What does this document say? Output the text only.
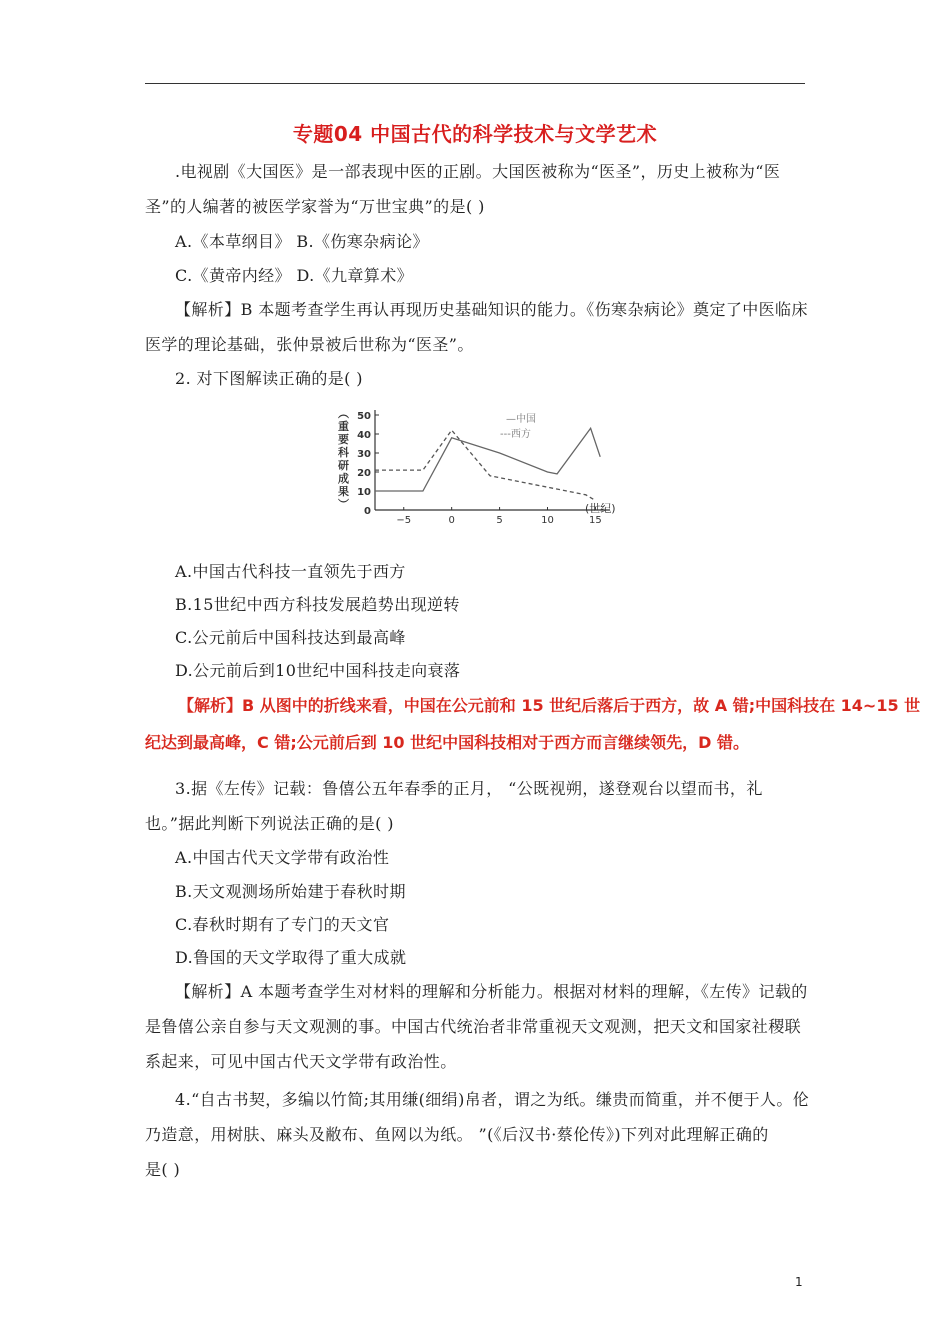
专题04 中国古代的科学技术与文学艺术
.电视剧《大国医》是一部表现中医的正剧。大国医被称为“医圣”，历史上被称为“医
圣”的人编著的被医学家誉为“万世宝典”的是( )
A.《本草纲目》 B.《伤寒杂病论》
C.《黄帝内经》 D.《九章算术》
【解析】B 本题考查学生再认再现历史基础知识的能力。《伤寒杂病论》奠定了中医临床
医学的理论基础，张仲景被后世称为“医圣”。
2. 对下图解读正确的是( )
0
10
20
30
40
50
−5	0	5	10	15
︵重要科研成果︶	(世纪)
—中国
---西方
A.中国古代科技一直领先于西方
B.15世纪中西方科技发展趋势出现逆转
C.公元前后中国科技达到最高峰
D.公元前后到10世纪中国科技走向衰落
【解析】B 从图中的折线来看，中国在公元前和 15 世纪后落后于西方，故 A 错;中国科技在 14~15 世
纪达到最高峰，C 错;公元前后到 10 世纪中国科技相对于西方而言继续领先，D 错。
3.据《左传》记载：鲁僖公五年春季的正月， “公既视朔，遂登观台以望而书，礼
也。”据此判断下列说法正确的是( )
A.中国古代天文学带有政治性
B.天文观测场所始建于春秋时期
C.春秋时期有了专门的天文官
D.鲁国的天文学取得了重大成就
【解析】A 本题考查学生对材料的理解和分析能力。根据对材料的理解，《左传》记载的
是鲁僖公亲自参与天文观测的事。中国古代统治者非常重视天文观测，把天文和国家社稷联
系起来，可见中国古代天文学带有政治性。
4.“自古书契，多编以竹简;其用缣(细绢)帛者，谓之为纸。缣贵而简重，并不便于人。伦
乃造意，用树肤、麻头及敝布、鱼网以为纸。 ”(《后汉书·蔡伦传》)下列对此理解正确的
是( )
1
